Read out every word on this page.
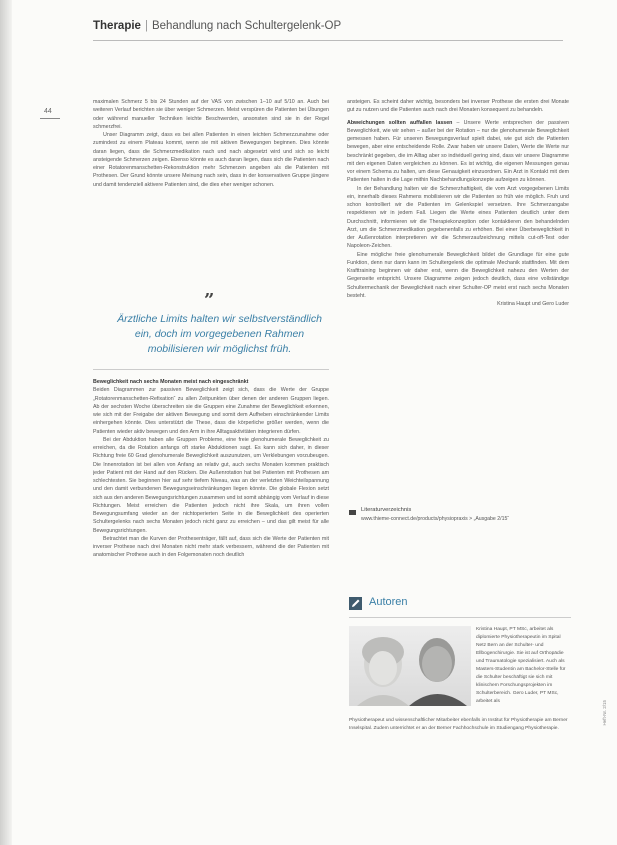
Therapie | Behandlung nach Schultergelenk-OP
44

maximalen Schmerz 5 bis 24 Stunden auf der VAS von zwischen 1–10 auf 5/10 an. Auch bei weiteren Verlauf berichten sie über weniger Schmerzen. Meist verspüren die Patienten bei Übungen oder während manueller Techniken leichte Beschwerden, ansonsten sind sie in der Regel schmerzfrei.

Unser Diagramm zeigt, dass es bei allen Patienten in einen leichten Schmerzzunahme oder zumindest zu einem Plateau kommt, wenn sie mit aktiven Bewegungen beginnen. Dies könnte daran liegen, dass die Schmerzmedikation nach und nach abgesetzt wird und sich so leicht ansteigende Schmerzen zeigen. Ebenso könnte es auch daran liegen, dass sich die Patienten nach einer Rotatorenmanschetten-Rekonstruktion mehr Schmerzen angeben als die Patienten mit Prothesen. Der Grund könnte unsere Meinung nach sein, dass in der konservativen Gruppe jüngere und damit tendenziell aktivere Patienten sind, die dies eher weniger schonen.

”
Ärztliche Limits halten wir selbstverständlich ein, doch im vorgegebenen Rahmen mobilisieren wir möglichst früh.

Beweglichkeit nach sechs Monaten meist nach eingeschränkt

Beiden Diagrammen zur passiven Beweglichkeit zeigt sich, dass die Werte der Gruppe „Rotatorenmanschetten-Refixation“ zu allen Zeitpunkten über denen der anderen Gruppen liegen. Ab der sechsten Woche überschreiten sie die Gruppen eine Zunahme der Beweglichkeit erkennen, wie sich mit der Freigabe der aktiven Bewegung und somit dem Aufheben einschränkender Limits einhergehen könnte. Dies unterstützt die These, dass die körperliche größer werden, wenn die Patienten wieder aktiv bewegen und den Arm in ihre Alltagsaktivitäten integrieren dürfen.

Bei der Abduktion haben alle Gruppen Probleme, eine freie glenohumerale Beweglichkeit zu erreichen, da die Rotation anfangs oft starke Abduktionen sagt. Es kann sich daher, in dieser Richtung freie 60 Grad glenohumerale Beweglichkeit auszunutzen, um Verklebungen vorzubeugen. Die Innenrotation ist bei allen von Anfang an relativ gut, auch sechs Monaten kommen praktisch jeder Patient mit der Hand auf den Rücken. Die Außenrotation hat bei Patienten mit Prothesen am schlechtesten. Sie beginnen hier auf sehr tiefem Niveau, was an der verletzten Weichteilspannung und den damit verbundenen Bewegungseinschränkungen liegen könnte. Die globale Flexion setzt sich aus den anderen Bewegungsrichtungen zusammen und ist somit abhängig vom Verlauf in diese Richtungen. Meist erreichen die Patienten jedoch nicht ihre Skala, um ihren vollen Bewegungsumfang wieder an der nichtoperierten Seite in die Beweglichkeit des operierten Schultergelenks nach sechs Monaten jedoch nicht ganz zu erreichen – und das gilt meist für alle Bewegungsrichtungen.

Betrachtet man die Kurven der Prothesenträger, fällt auf, dass sich die Werte der Patienten mit inverser Prothese nach drei Monaten nicht mehr stark verbessern, während die der Patienten mit anatomischer Prothese auch in den Folgemonaten noch deutlich

ansteigen. Es scheint daher wichtig, besonders bei inverser Prothese die ersten drei Monate gut zu nutzen und die Patienten auch nach drei Monaten konsequent zu behandeln.

Abweichungen sollten auffallen lassen – Unsere Werte entsprechen der passiven Beweglichkeit, wie wir sehen – außer bei der Rotation – nur die glenohumerale Beweglichkeit gemessen haben. Für unseren Bewegungsverlauf spielt dabei, wie gut sich die Patienten bewegen, aber eine entscheidende Rolle. Zwar haben wir unsere Daten, Werte die Werte nur beschränkt gegeben, die im Alltag aber so individuell gering sind, dass wir unsere Diagramme mit den eigenen Daten vergleichen zu können. Es ist wichtig, die eigenen Messungen genau vor einem Schema zu halten, um diese Genauigkeit einzuordnen. Ein Arzt in Kontakt mit dem Patienten halten in die Lage mithin Nachbehandlungskonzepte aufzeigen zu können.

In der Behandlung halten wir die Schmerzhaftigkeit, die vom Arzt vorgegebenen Limits ein, innerhalb dieses Rahmens mobilisieren wir die Patienten so früh wie möglich. Fruh und schon kontrolliert wir die Patienten im Gelenkspiel versetzen. Ihre Schmerzangabe respektieren wir in jedem Fall. Liegen die Werte eines Patienten deutlich unter dem Durchschnitt, informieren wir die Therapiekonzeption oder kontaktieren den behandelnden Arzt, um die Schmerzmedikation gegebenenfalls zu erhöhen. Bei einer Überbeweglichkeit in der Außenrotation interpretieren wir die Schmerzaufzeichnung mittels cut-off-Test oder Napoleon-Zeichen.

Eine mögliche freie glenohumerale Beweglichkeit bildet die Grundlage für eine gute Funktion, denn nur dann kann im Schultergelenk die optimale Mechanik stattfinden. Mit dem Krafttraining beginnen wir daher erst, wenn die Beweglichkeit nahezu den Werten der Gegenseite entspricht. Unsere Diagramme zeigen jedoch deutlich, dass eine vollständige Schultermechanik der Beweglichkeit nach einer Schulter-OP meist erst nach sechs Monaten besteht.

Kristina Haupt und Gero Luder

Literaturverzeichnis
www.thieme-connect.de/products/physiopraxis > „Ausgabe 2/15“
Autoren
Kristina Haupt, PT MSc, arbeitet als diplomierte Physiotherapeutin im Spital Netz Bern an der Schulter- und Ellbogenchirurgie. Sie ist auf Orthopädie und Traumatologie spezialisiert. Auch als Masters-Studentin am Bachelor-Stelle für die Schulter beschäftigt sie sich mit klinischem Forschungsprojekten im Schulterbereich. Gero Luder, PT MSc, arbeitet als
Physiotherapeut und wissenschaftlicher Mitarbeiter ebenfalls im Institut für Physiotherapie am Berner Inselspital. Zudem unterrichtet er an der Berner Fachhochschule im Studiengang Physiotherapie.
Heft-Nr. 2/15
